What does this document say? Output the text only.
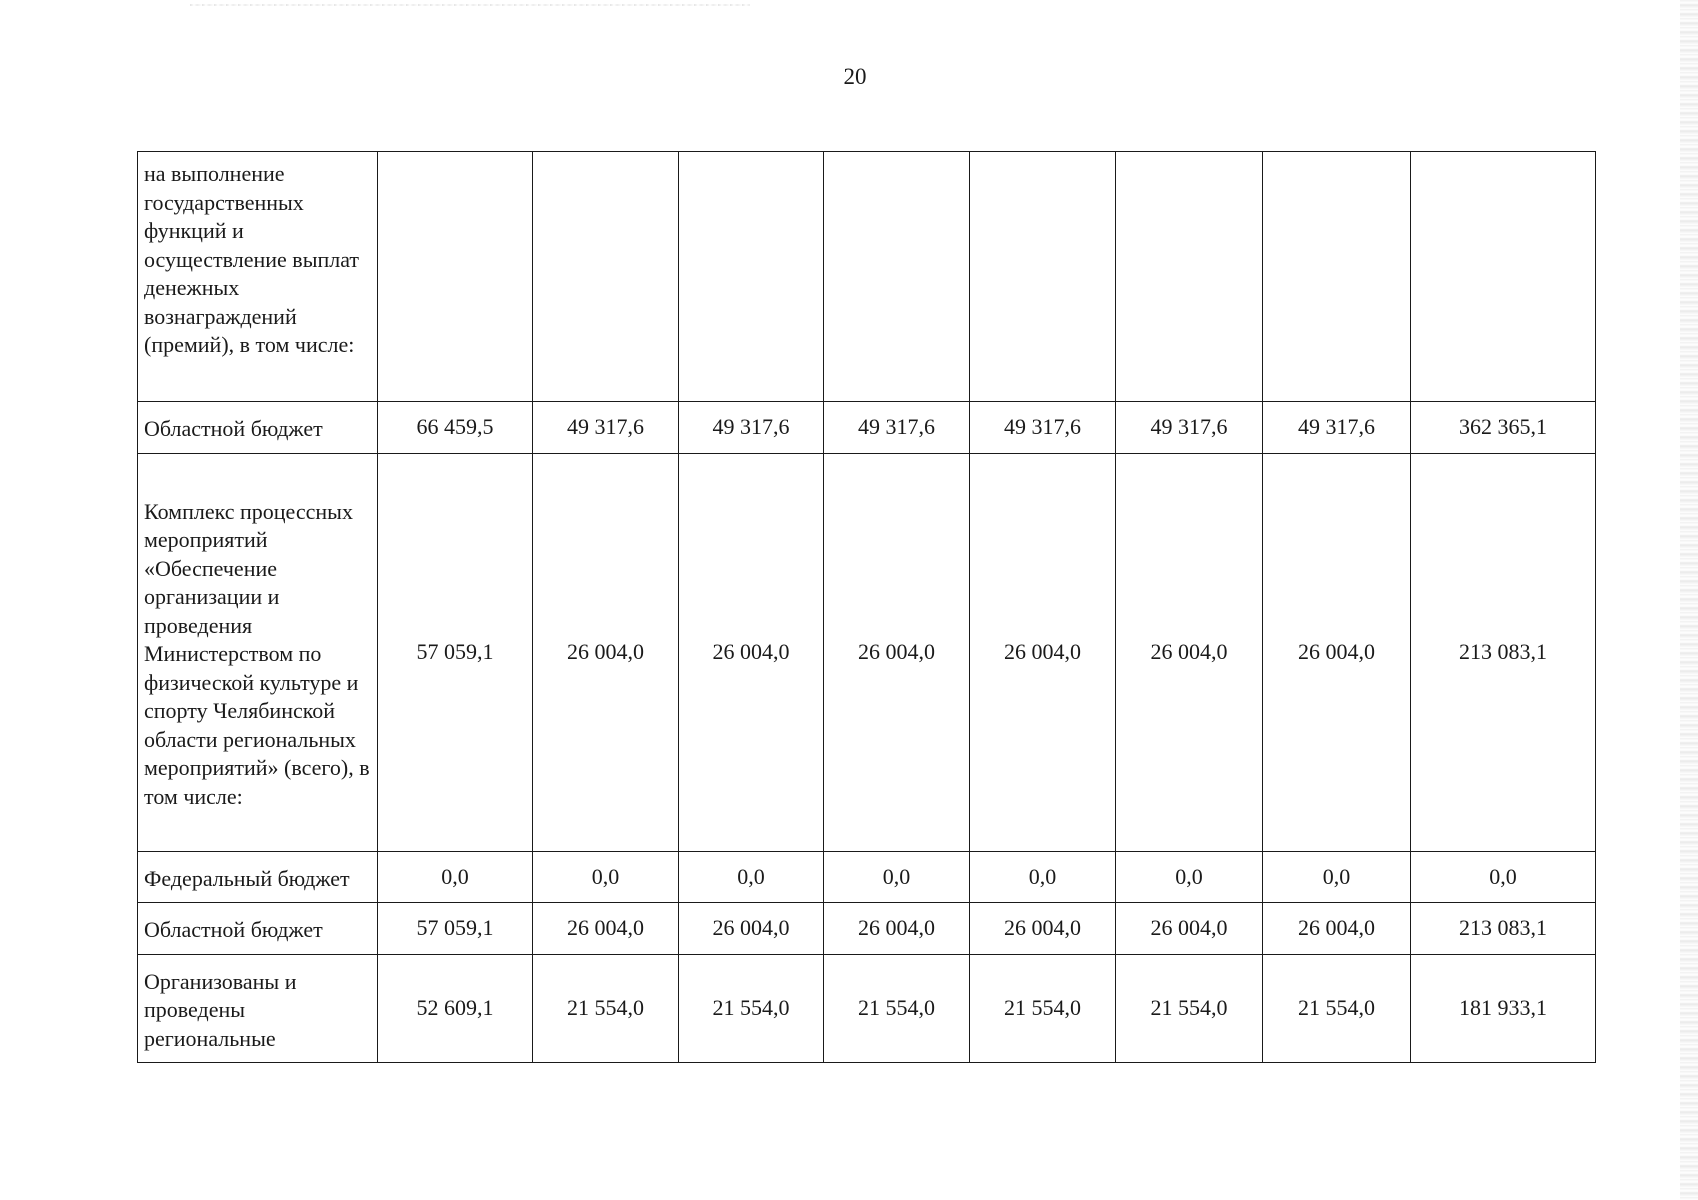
20
на выполнение государственных функций и осуществление выплат денежных вознаграждений (премий), в том числе:								
Областной бюджет	66 459,5	49 317,6	49 317,6	49 317,6	49 317,6	49 317,6	49 317,6	362 365,1
Комплекс процессных мероприятий «Обеспечение организации и проведения Министерством по физической культуре и спорту Челябинской области региональных мероприятий» (всего), в том числе:	57 059,1	26 004,0	26 004,0	26 004,0	26 004,0	26 004,0	26 004,0	213 083,1
Федеральный бюджет	0,0	0,0	0,0	0,0	0,0	0,0	0,0	0,0
Областной бюджет	57 059,1	26 004,0	26 004,0	26 004,0	26 004,0	26 004,0	26 004,0	213 083,1
Организованы и проведены региональные	52 609,1	21 554,0	21 554,0	21 554,0	21 554,0	21 554,0	21 554,0	181 933,1
